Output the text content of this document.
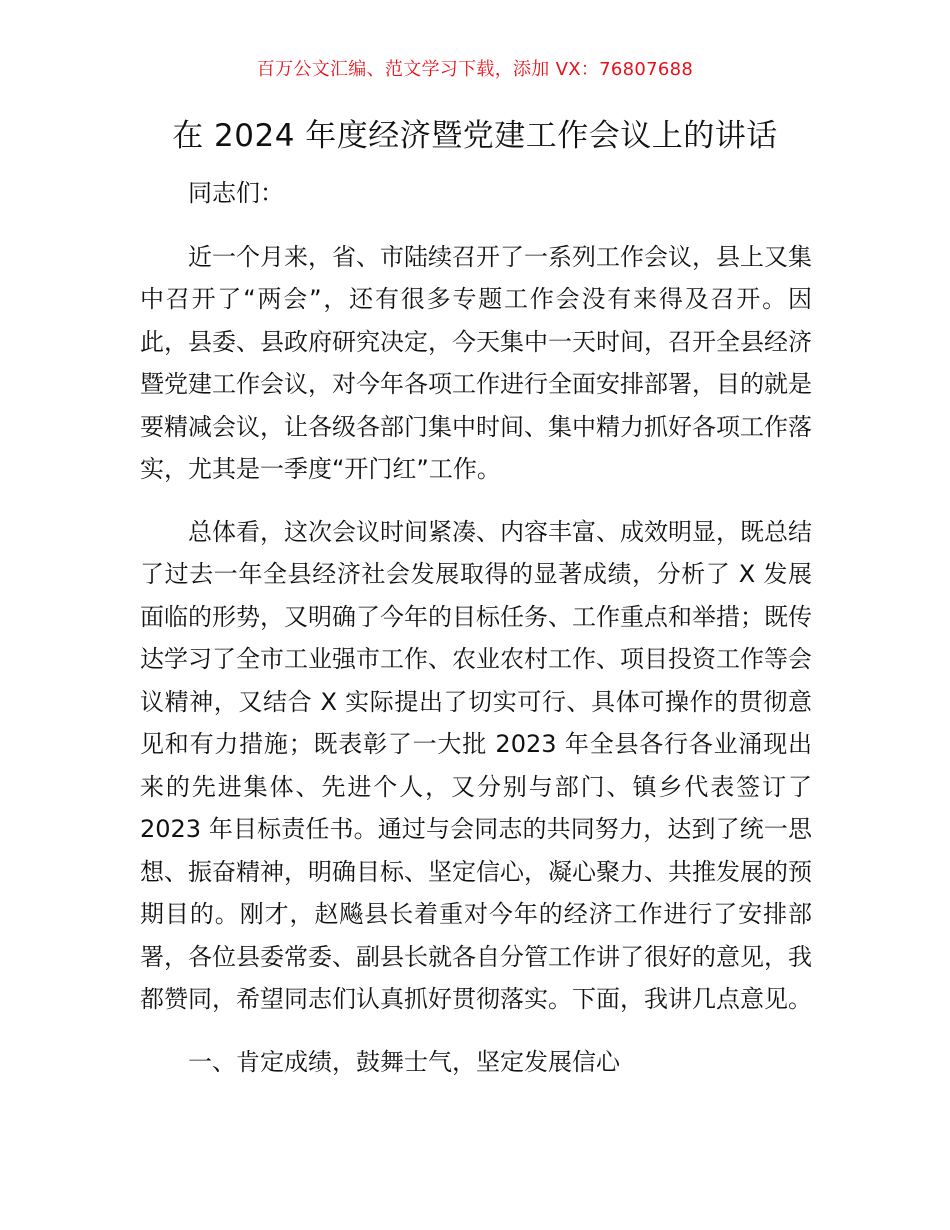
百万公文汇编、范文学习下载，添加 VX：76807688
在 2024 年度经济暨党建工作会议上的讲话

同志们：

近一个月来，省、市陆续召开了一系列工作会议，县上又集中召开了“两会”，还有很多专题工作会没有来得及召开。因此，县委、县政府研究决定，今天集中一天时间，召开全县经济暨党建工作会议，对今年各项工作进行全面安排部署，目的就是要精减会议，让各级各部门集中时间、集中精力抓好各项工作落实，尤其是一季度“开门红”工作。

总体看，这次会议时间紧凑、内容丰富、成效明显，既总结了过去一年全县经济社会发展取得的显著成绩，分析了 X 发展面临的形势，又明确了今年的目标任务、工作重点和举措；既传达学习了全市工业强市工作、农业农村工作、项目投资工作等会议精神，又结合 X 实际提出了切实可行、具体可操作的贯彻意见和有力措施；既表彰了一大批 2023 年全县各行各业涌现出来的先进集体、先进个人，又分别与部门、镇乡代表签订了 2023 年目标责任书。通过与会同志的共同努力，达到了统一思想、振奋精神，明确目标、坚定信心，凝心聚力、共推发展的预期目的。刚才，赵飚县长着重对今年的经济工作进行了安排部署，各位县委常委、副县长就各自分管工作讲了很好的意见，我都赞同，希望同志们认真抓好贯彻落实。下面，我讲几点意见。

一、肯定成绩，鼓舞士气，坚定发展信心
